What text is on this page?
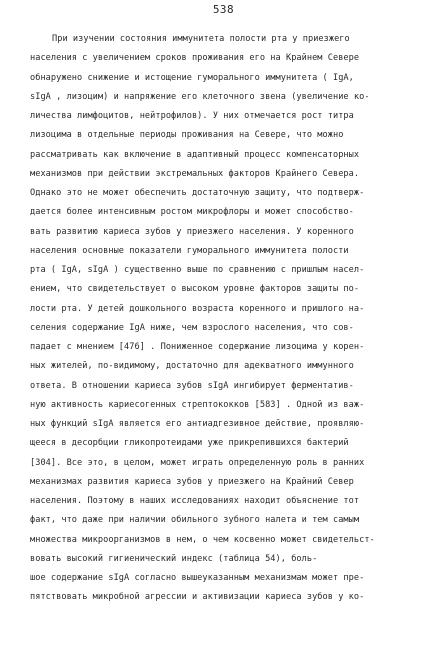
538
При изучении состояния иммунитета полости рта у приезжего
населения с увеличением сроков проживания его на Крайнем Севере
обнаружено снижение и истощение гуморального иммунитета ( IgA,
sIgA , лизоцим) и напряжение его клеточного звена (увеличение ко-
личества лимфоцитов, нейтрофилов). У них отмечается рост титра
лизоцима в отдельные периоды проживания на Севере, что можно
рассматривать как включение в адаптивный процесс компенсаторных
механизмов при действии экстремальных факторов Крайнего Севера.
Однако это не может обеспечить достаточную защиту, что подтверж-
дается более интенсивным ростом микрофлоры и может способство-
вать развитию кариеса зубов у приезжего населения. У коренного
населения основные показатели гуморального иммунитета полости
рта ( IgA, sIgA ) существенно выше по сравнению с пришлым насел-
ением, что свидетельствует о высоком уровне факторов защиты по-
лости рта. У детей дошкольного возраста коренного и пришлого на-
селения содержание IgA ниже, чем взрослого населения, что сов-
падает с мнением [476] . Пониженное содержание лизоцима у корен-
ных жителей, по-видимому, достаточно для адекватного иммунного
ответа. В отношении кариеса зубов sIgA ингибирует ферментатив-
ную активность кариесогенных стрептококков [583] . Одной из важ-
ных функций sIgA является его антиадгезивное действие, проявляю-
щееся в десорбции гликопротеидами уже прикрепившихся бактерий
[304]. Все это, в целом, может играть определенную роль в ранних
механизмах развития кариеса зубов у приезжего на Крайний Север
населения. Поэтому в наших исследованиях находит объяснение тот
факт, что даже при наличии обильного зубного налета и тем самым
множества микроорганизмов в нем, о чем косвенно может свидетельст-
вовать высокий гигиенический индекс (таблица 54), боль-
шое содержание sIgA согласно вышеуказанным механизмам может пре-
пятствовать микробной агрессии и активизации кариеса зубов у ко-
